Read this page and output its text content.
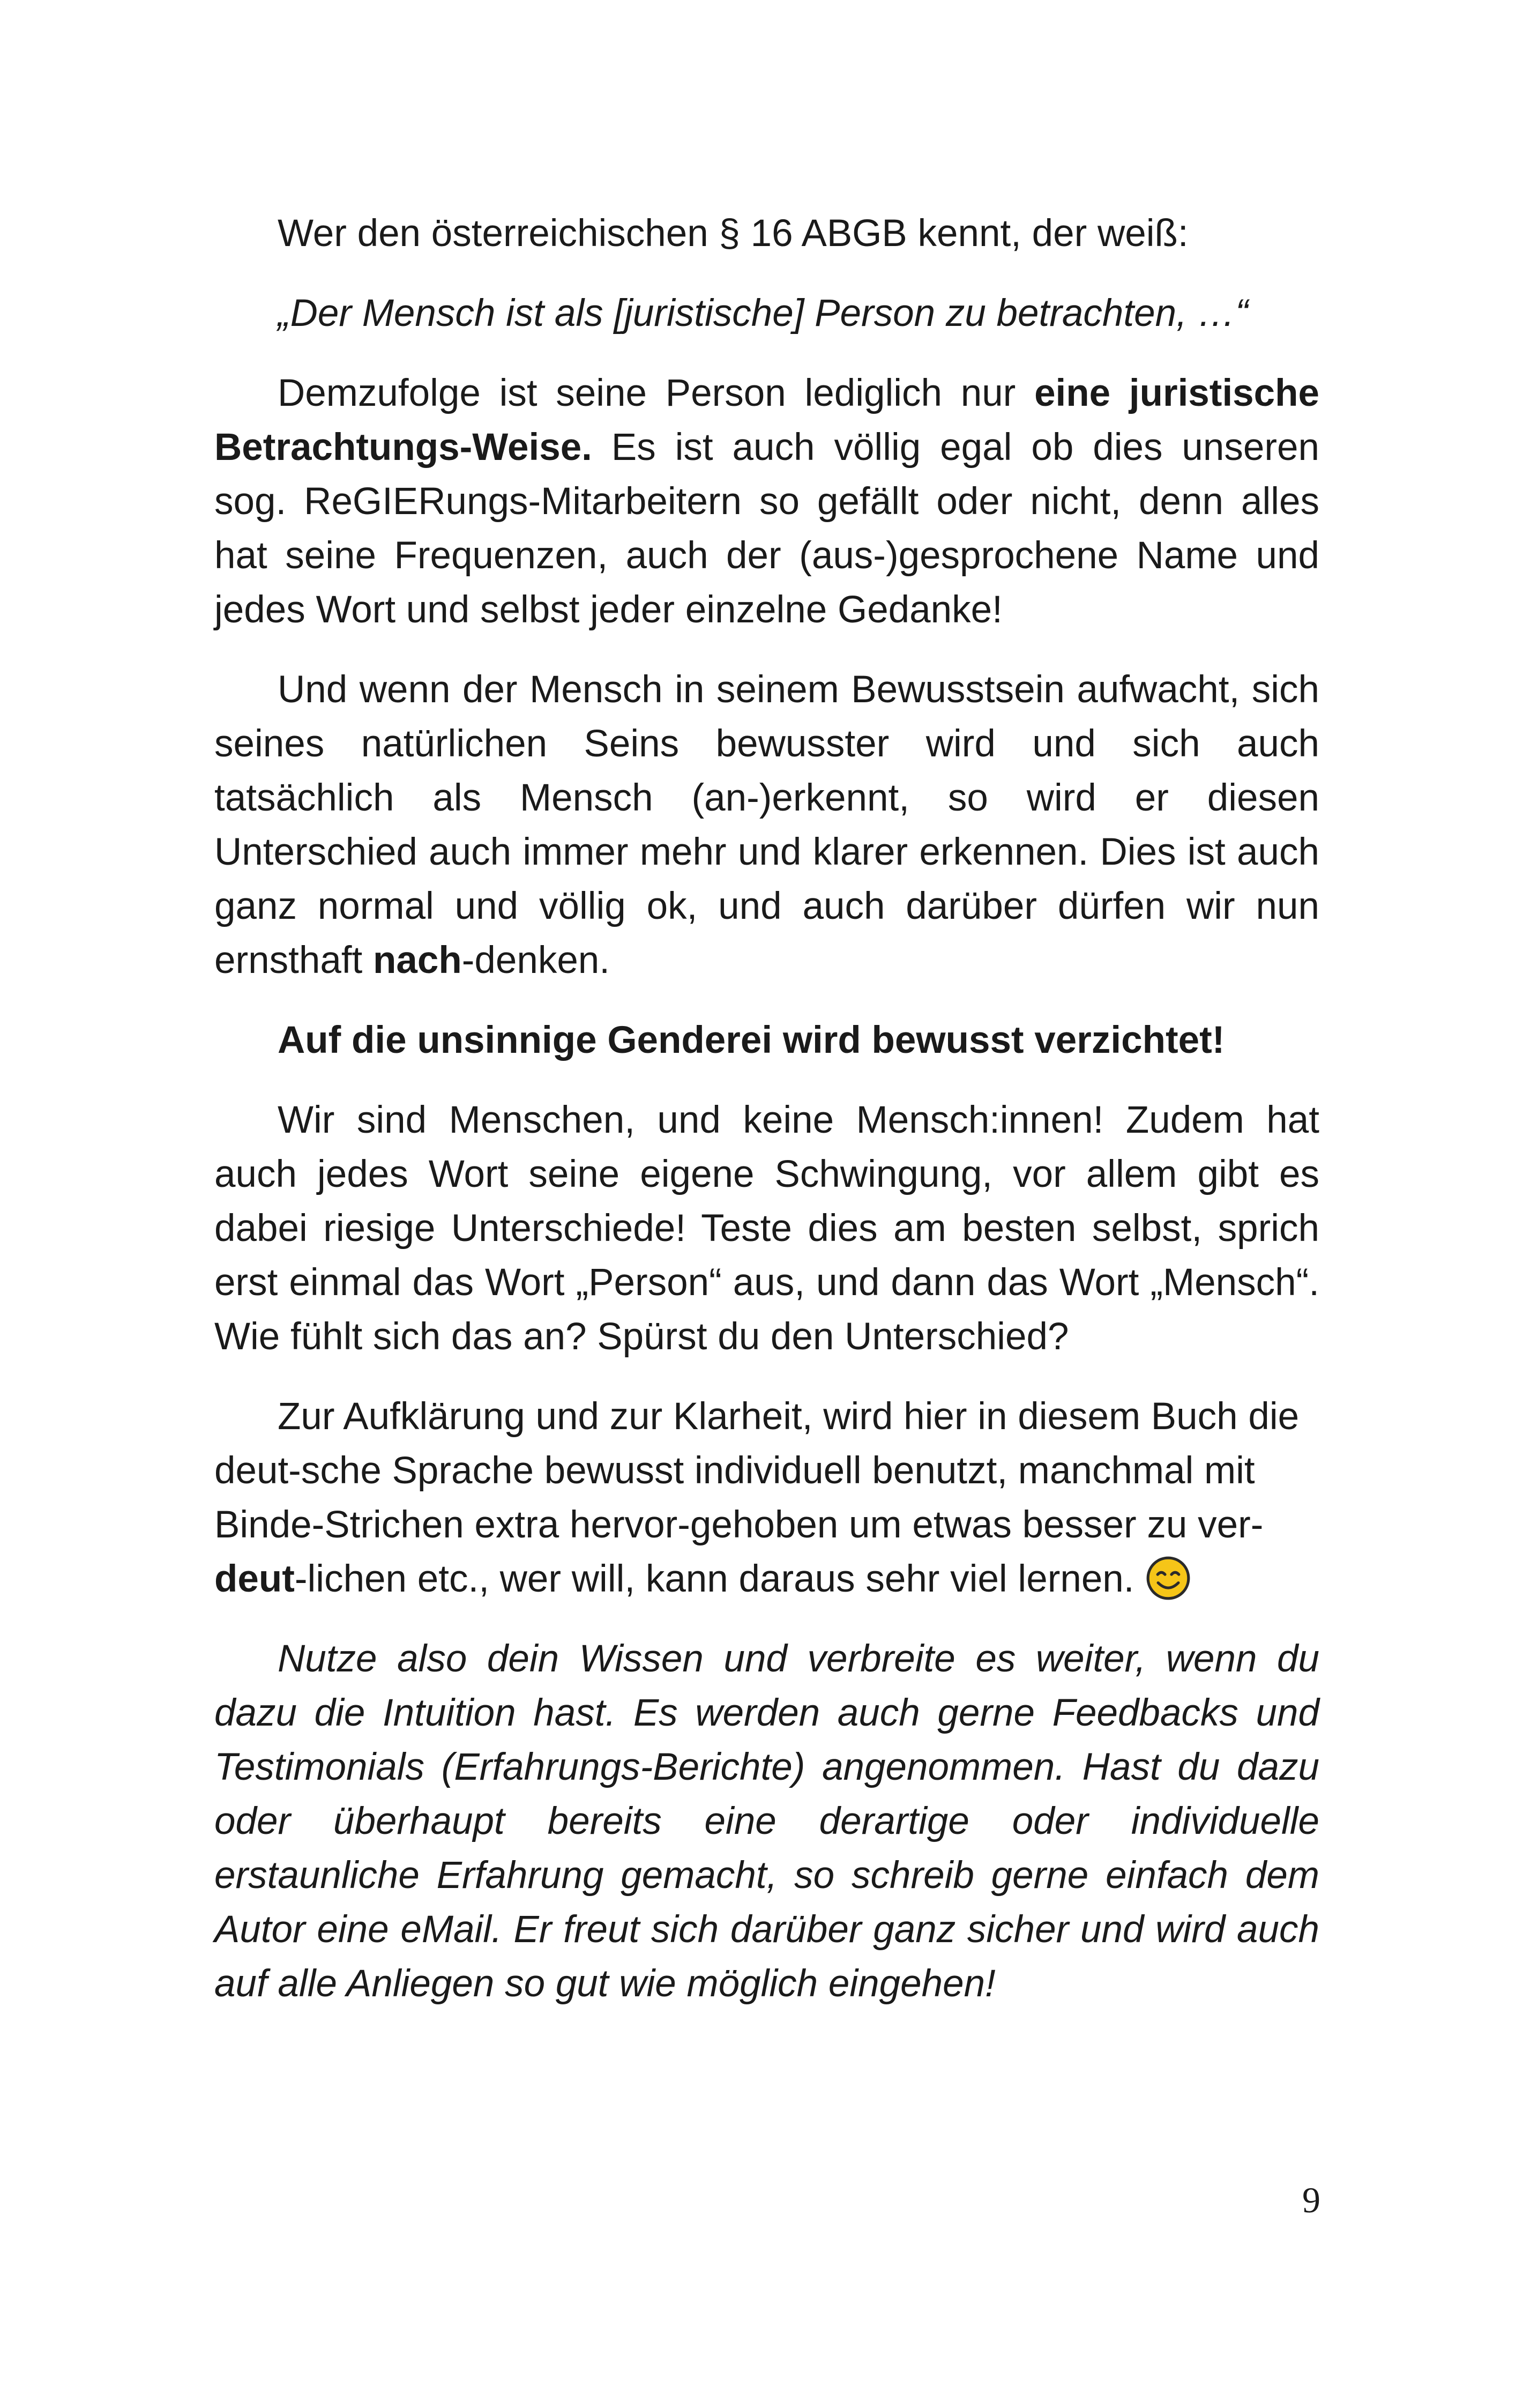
Wer den österreichischen § 16 ABGB kennt, der weiß:

„Der Mensch ist als [juristische] Person zu betrachten, …“

Demzufolge ist seine Person lediglich nur eine juristische Betrachtungs-Weise. Es ist auch völlig egal ob dies unseren sog. ReGIERungs-Mitarbeitern so gefällt oder nicht, denn alles hat seine Frequenzen, auch der (aus-)gesprochene Name und jedes Wort und selbst jeder einzelne Gedanke!

Und wenn der Mensch in seinem Bewusstsein aufwacht, sich seines natürlichen Seins bewusster wird und sich auch tatsächlich als Mensch (an-)erkennt, so wird er diesen Unterschied auch immer mehr und klarer erkennen. Dies ist auch ganz normal und völlig ok, und auch darüber dürfen wir nun ernsthaft nach-denken.

Auf die unsinnige Genderei wird bewusst verzichtet!

Wir sind Menschen, und keine Mensch:innen! Zudem hat auch jedes Wort seine eigene Schwingung, vor allem gibt es dabei riesige Unterschiede! Teste dies am besten selbst, sprich erst einmal das Wort „Person“ aus, und dann das Wort „Mensch“. Wie fühlt sich das an? Spürst du den Unterschied?

Zur Aufklärung und zur Klarheit, wird hier in diesem Buch die deut-sche Sprache bewusst individuell benutzt, manchmal mit Binde-Strichen extra hervor-gehoben um etwas besser zu ver-deut-lichen etc., wer will, kann daraus sehr viel lernen.

Nutze also dein Wissen und verbreite es weiter, wenn du dazu die Intuition hast. Es werden auch gerne Feedbacks und Testimonials (Erfahrungs-Berichte) angenommen. Hast du dazu oder überhaupt bereits eine derartige oder individuelle erstaunliche Erfahrung gemacht, so schreib gerne einfach dem Autor eine eMail. Er freut sich darüber ganz sicher und wird auch auf alle Anliegen so gut wie möglich eingehen!

9
